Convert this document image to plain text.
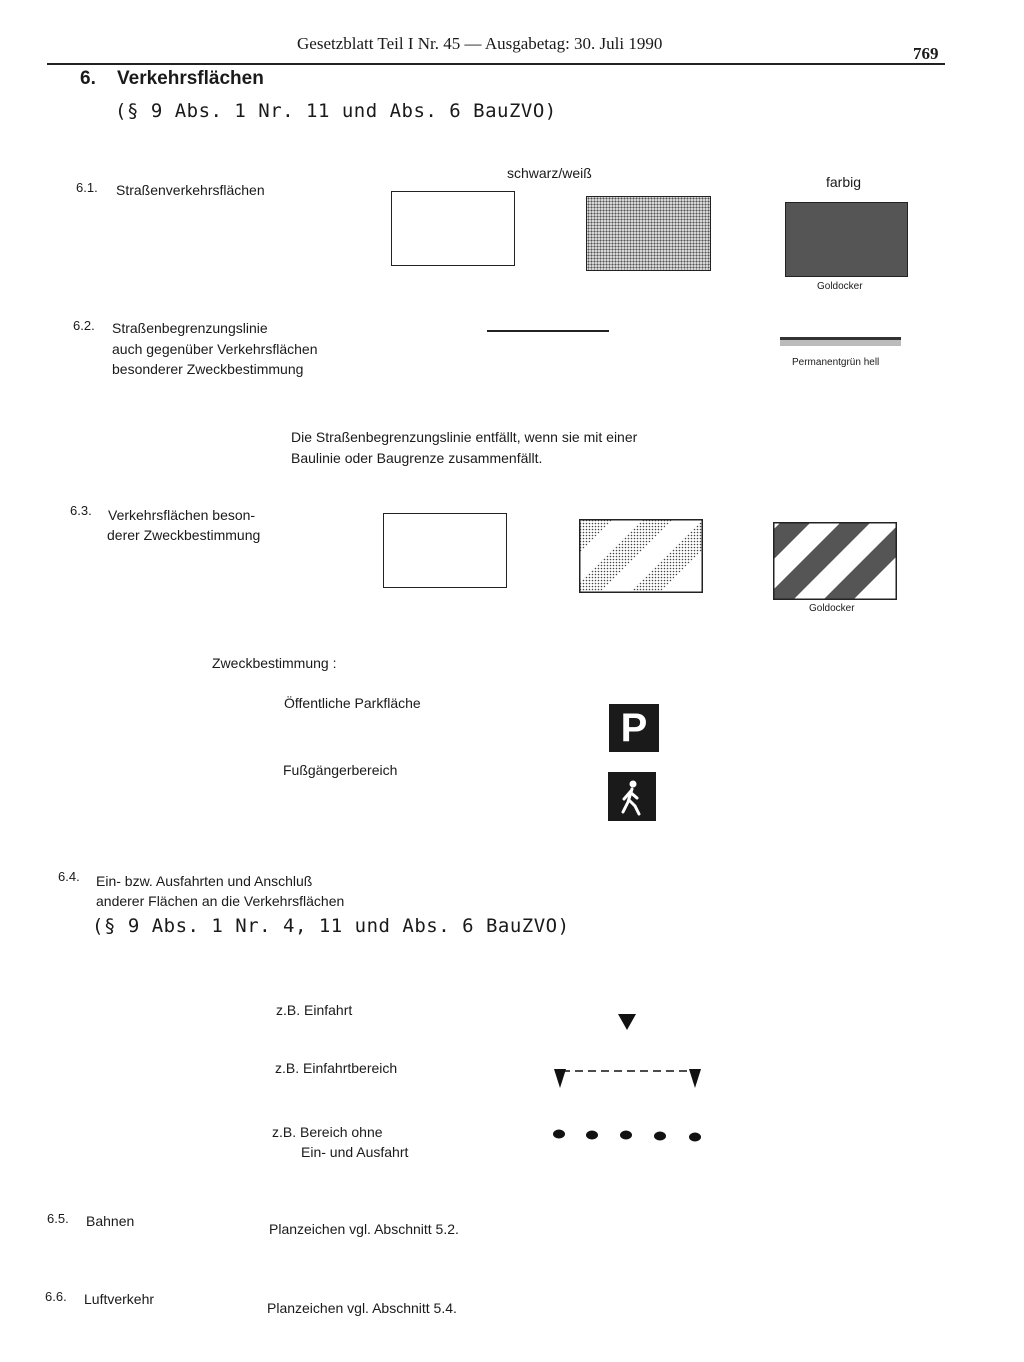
Gesetzblatt Teil I Nr. 45 — Ausgabetag: 30. Juli 1990
769
6. Verkehrsflächen
(§ 9 Abs. 1 Nr. 11 und Abs. 6 BauZVO)
schwarz/weiß
farbig
6.1. Straßenverkehrsflächen
Goldocker
6.2. Straßenbegrenzungslinie
auch gegenüber Verkehrsflächen
besonderer Zweckbestimmung	Permanentgrün hell
Die Straßenbegrenzungslinie entfällt, wenn sie mit einer
Baulinie oder Baugrenze zusammenfällt.
6.3. Verkehrsflächen beson-
derer Zweckbestimmung
Goldocker
Zweckbestimmung :
Öffentliche Parkfläche
P
Fußgängerbereich
6.4. Ein- bzw. Ausfahrten und Anschluß
anderer Flächen an die Verkehrsflächen
(§ 9 Abs. 1 Nr. 4, 11 und Abs. 6 BauZVO)
z.B. Einfahrt
z.B. Einfahrtbereich
z.B. Bereich ohne
Ein- und Ausfahrt
6.5. Bahnen	Planzeichen vgl. Abschnitt 5.2.
6.6. Luftverkehr
Planzeichen vgl. Abschnitt 5.4.
